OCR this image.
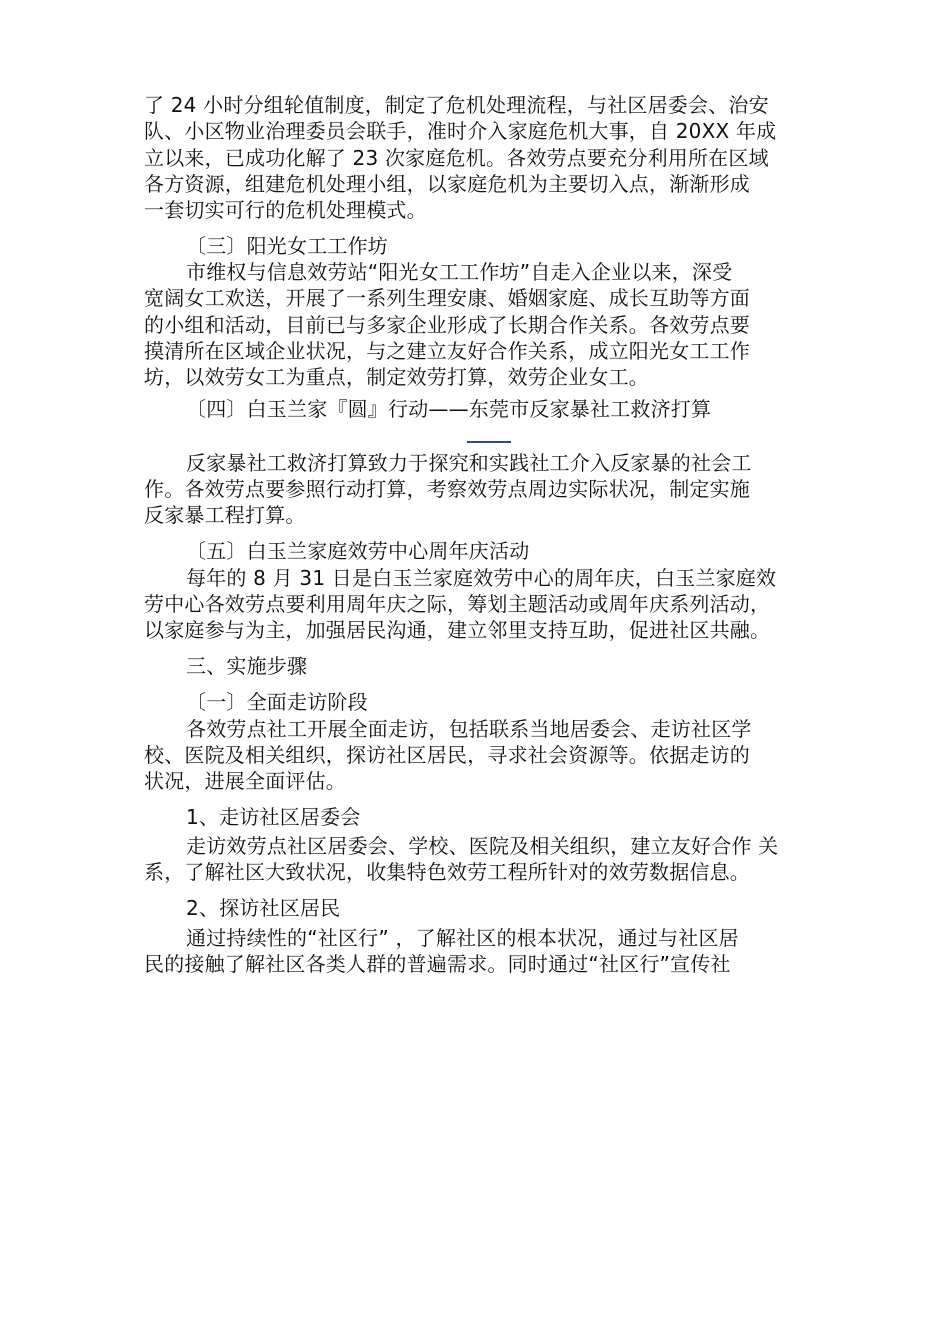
了 24 小时分组轮值制度，制定了危机处理流程，与社区居委会、治安
队、小区物业治理委员会联手，准时介入家庭危机大事，自 20XX 年成
立以来，已成功化解了 23 次家庭危机。各效劳点要充分利用所在区域
各方资源，组建危机处理小组，以家庭危机为主要切入点，渐渐形成
一套切实可行的危机处理模式。
〔三〕阳光女工工作坊
市维权与信息效劳站“阳光女工工作坊”自走入企业以来，深受
宽阔女工欢送，开展了一系列生理安康、婚姻家庭、成长互助等方面
的小组和活动，目前已与多家企业形成了长期合作关系。各效劳点要
摸清所在区域企业状况，与之建立友好合作关系，成立阳光女工工作
坊，以效劳女工为重点，制定效劳打算，效劳企业女工。
〔四〕白玉兰家『圆』行动——东莞市反家暴社工救济打算
反家暴社工救济打算致力于探究和实践社工介入反家暴的社会工
作。各效劳点要参照行动打算，考察效劳点周边实际状况，制定实施
反家暴工程打算。
〔五〕白玉兰家庭效劳中心周年庆活动
每年的 8 月 31 日是白玉兰家庭效劳中心的周年庆，白玉兰家庭效
劳中心各效劳点要利用周年庆之际，筹划主题活动或周年庆系列活动，
以家庭参与为主，加强居民沟通，建立邻里支持互助，促进社区共融。
三、实施步骤
〔一〕全面走访阶段
各效劳点社工开展全面走访，包括联系当地居委会、走访社区学
校、医院及相关组织，探访社区居民，寻求社会资源等。依据走访的
状况，进展全面评估。
1、走访社区居委会
走访效劳点社区居委会、学校、医院及相关组织，建立友好合作 关
系，了解社区大致状况，收集特色效劳工程所针对的效劳数据信息。
2、探访社区居民
通过持续性的“社区行” ，了解社区的根本状况，通过与社区居
民的接触了解社区各类人群的普遍需求。同时通过“社区行”宣传社
